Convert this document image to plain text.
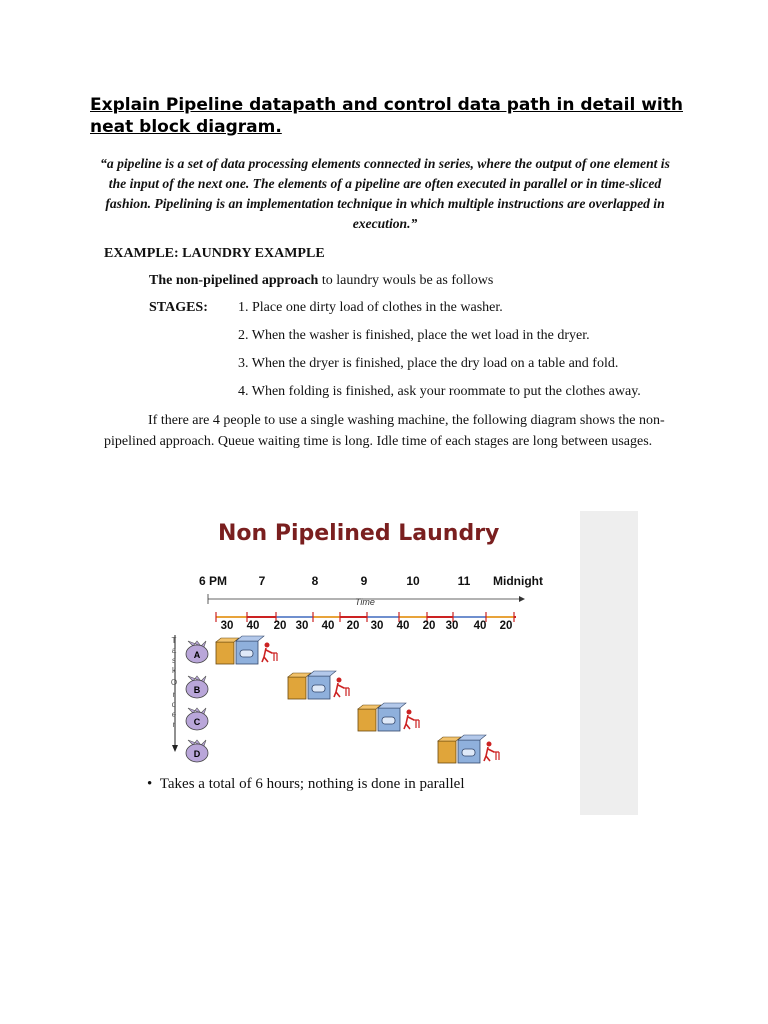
Explain Pipeline datapath and control data path in detail with neat block diagram.
“a pipeline is a set of data processing elements connected in series, where the output of one element is the input of the next one. The elements of a pipeline are often executed in parallel or in time-sliced fashion. Pipelining is an implementation technique in which multiple instructions are overlapped in execution.”
EXAMPLE: LAUNDRY EXAMPLE
The non-pipelined approach to laundry wouls be as follows
STAGES: 1. Place one dirty load of clothes in the washer.
2. When the washer is finished, place the wet load in the dryer.
3. When the dryer is finished, place the dry load on a table and fold.
4. When folding is finished, ask your roommate to put the clothes away.
If there are 4 people to use a single washing machine, the following diagram shows the non-pipelined approach. Queue waiting time is long. Idle time of each stages are long between usages.
Non Pipelined Laundry
6 PM	7	8	9	10	11 Midnight
Time
30 40 20 30 40 20 30 40 20 30 40 20
T
a
s
k
O
r
d
e
r
A
B
C
D
•  Takes a total of 6 hours; nothing is done in parallel
